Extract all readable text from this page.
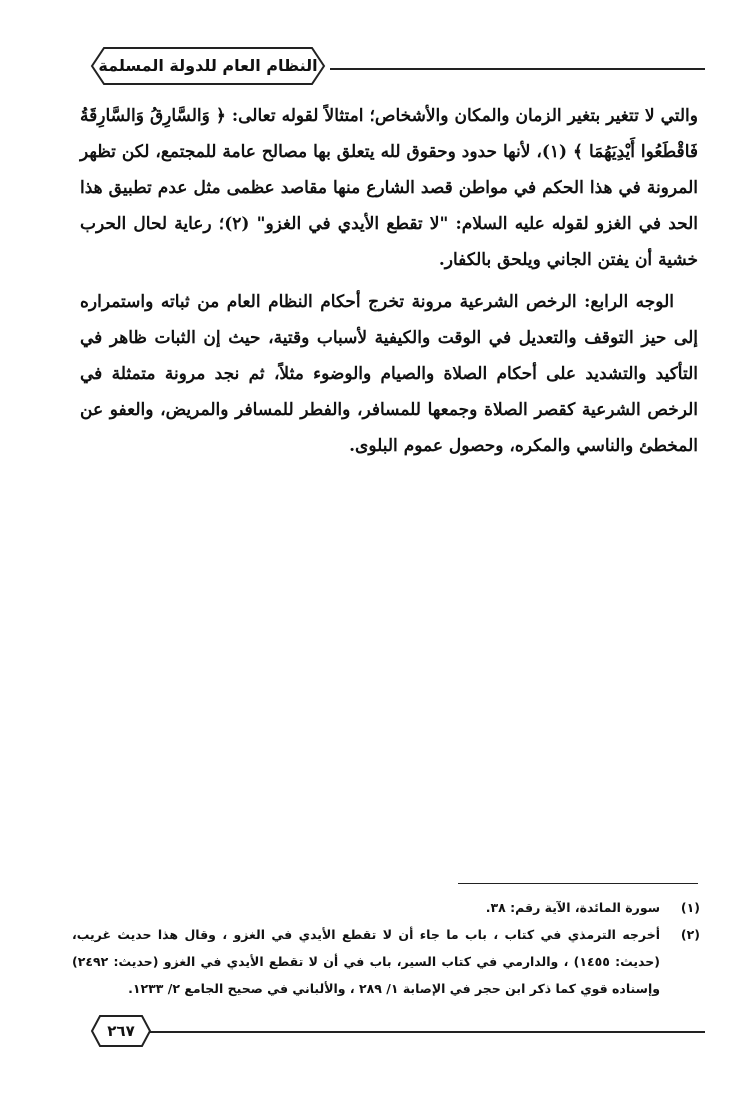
النظام العام للدولة المسلمة

والتي لا تتغير بتغير الزمان والمكان والأشخاص؛ امتثالاً لقوله تعالى: ﴿ وَالسَّارِقُ وَالسَّارِقَةُ فَاقْطَعُوا أَيْدِيَهُمَا ﴾ (١)، لأنها حدود وحقوق لله يتعلق بها مصالح عامة للمجتمع، لكن تظهر المرونة في هذا الحكم في مواطن قصد الشارع منها مقاصد عظمى مثل عدم تطبيق هذا الحد في الغزو لقوله عليه السلام: "لا تقطع الأيدي في الغزو" (٢)؛ رعاية لحال الحرب خشية أن يفتن الجاني ويلحق بالكفار.

الوجه الرابع: الرخص الشرعية مرونة تخرج أحكام النظام العام من ثباته واستمراره إلى حيز التوقف والتعديل في الوقت والكيفية لأسباب وقتية، حيث إن الثبات ظاهر في التأكيد والتشديد على أحكام الصلاة والصيام والوضوء مثلاً، ثم نجد مرونة متمثلة في الرخص الشرعية كقصر الصلاة وجمعها للمسافر، والفطر للمسافر والمريض، والعفو عن المخطئ والناسي والمكره، وحصول عموم البلوى.

(١)
سورة المائدة، الآية رقم: ٣٨.
(٢)
أخرجه الترمذي في كتاب ، باب ما جاء أن لا تقطع الأيدي في الغزو ، وقال هذا حديث غريب، (حديث: ١٤٥٥) ، والدارمي في كتاب السير، باب في أن لا تقطع الأيدي في الغزو (حديث: ٢٤٩٢) وإسناده قوي كما ذكر ابن حجر في الإصابة ١/ ٢٨٩ ، والألباني في صحيح الجامع ٢/ ١٢٣٣.
٢٦٧
